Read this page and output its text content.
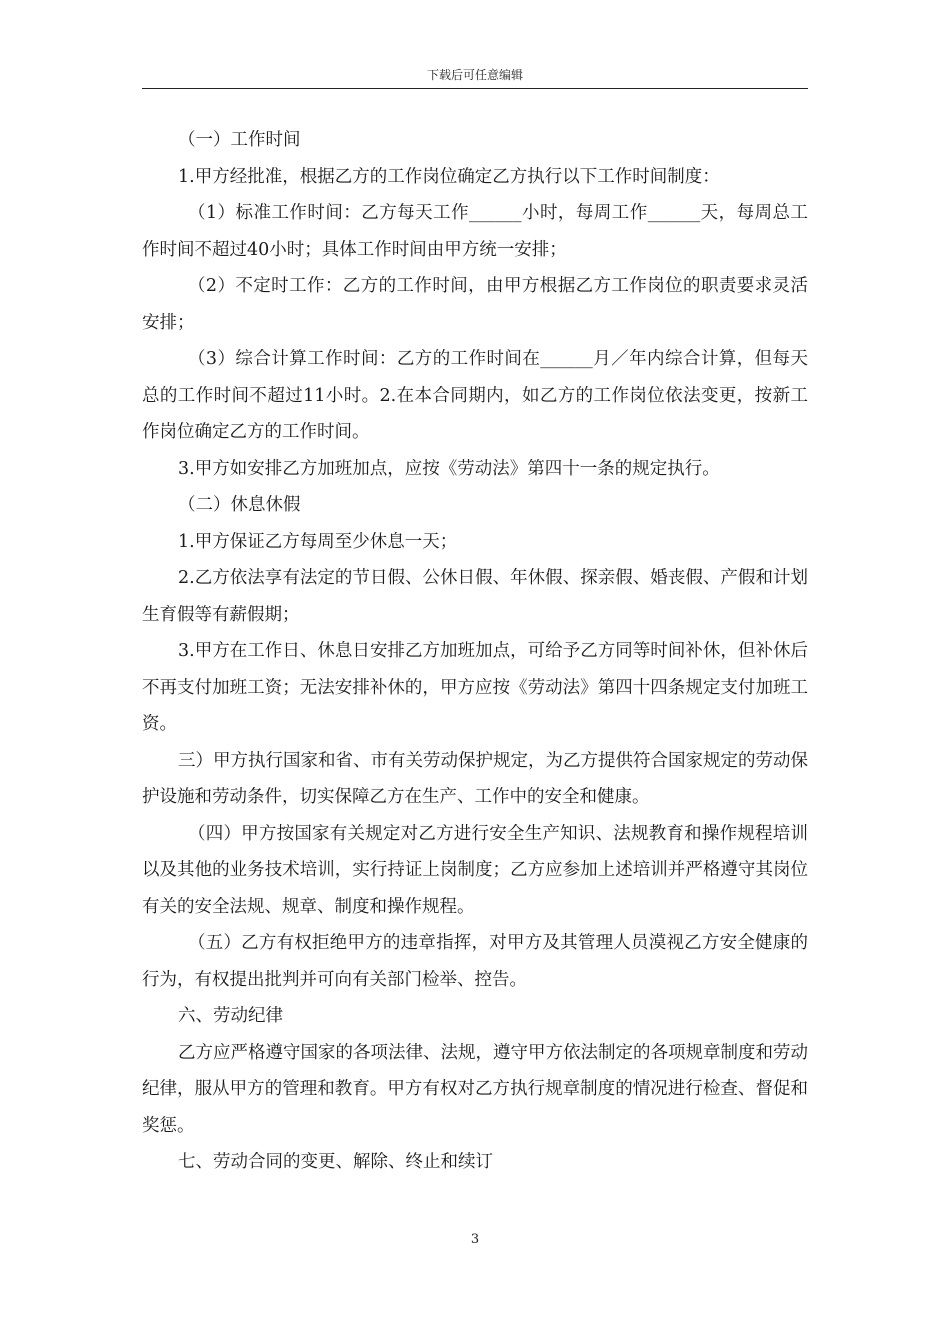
下载后可任意编辑

（一）工作时间

1.甲方经批准，根据乙方的工作岗位确定乙方执行以下工作时间制度：

（1）标准工作时间：乙方每天工作______小时，每周工作______天，每周总工作时间不超过40小时；具体工作时间由甲方统一安排；

（2）不定时工作：乙方的工作时间，由甲方根据乙方工作岗位的职责要求灵活安排；

（3）综合计算工作时间：乙方的工作时间在______月／年内综合计算，但每天总的工作时间不超过11小时。2.在本合同期内，如乙方的工作岗位依法变更，按新工作岗位确定乙方的工作时间。

3.甲方如安排乙方加班加点，应按《劳动法》第四十一条的规定执行。

（二）休息休假

1.甲方保证乙方每周至少休息一天；

2.乙方依法享有法定的节日假、公休日假、年休假、探亲假、婚丧假、产假和计划生育假等有薪假期；

3.甲方在工作日、休息日安排乙方加班加点，可给予乙方同等时间补休，但补休后不再支付加班工资；无法安排补休的，甲方应按《劳动法》第四十四条规定支付加班工资。

三）甲方执行国家和省、市有关劳动保护规定，为乙方提供符合国家规定的劳动保护设施和劳动条件，切实保障乙方在生产、工作中的安全和健康。

（四）甲方按国家有关规定对乙方进行安全生产知识、法规教育和操作规程培训以及其他的业务技术培训，实行持证上岗制度；乙方应参加上述培训并严格遵守其岗位有关的安全法规、规章、制度和操作规程。

（五）乙方有权拒绝甲方的违章指挥，对甲方及其管理人员漠视乙方安全健康的行为，有权提出批判并可向有关部门检举、控告。

六、劳动纪律

乙方应严格遵守国家的各项法律、法规，遵守甲方依法制定的各项规章制度和劳动纪律，服从甲方的管理和教育。甲方有权对乙方执行规章制度的情况进行检查、督促和奖惩。

七、劳动合同的变更、解除、终止和续订

3
